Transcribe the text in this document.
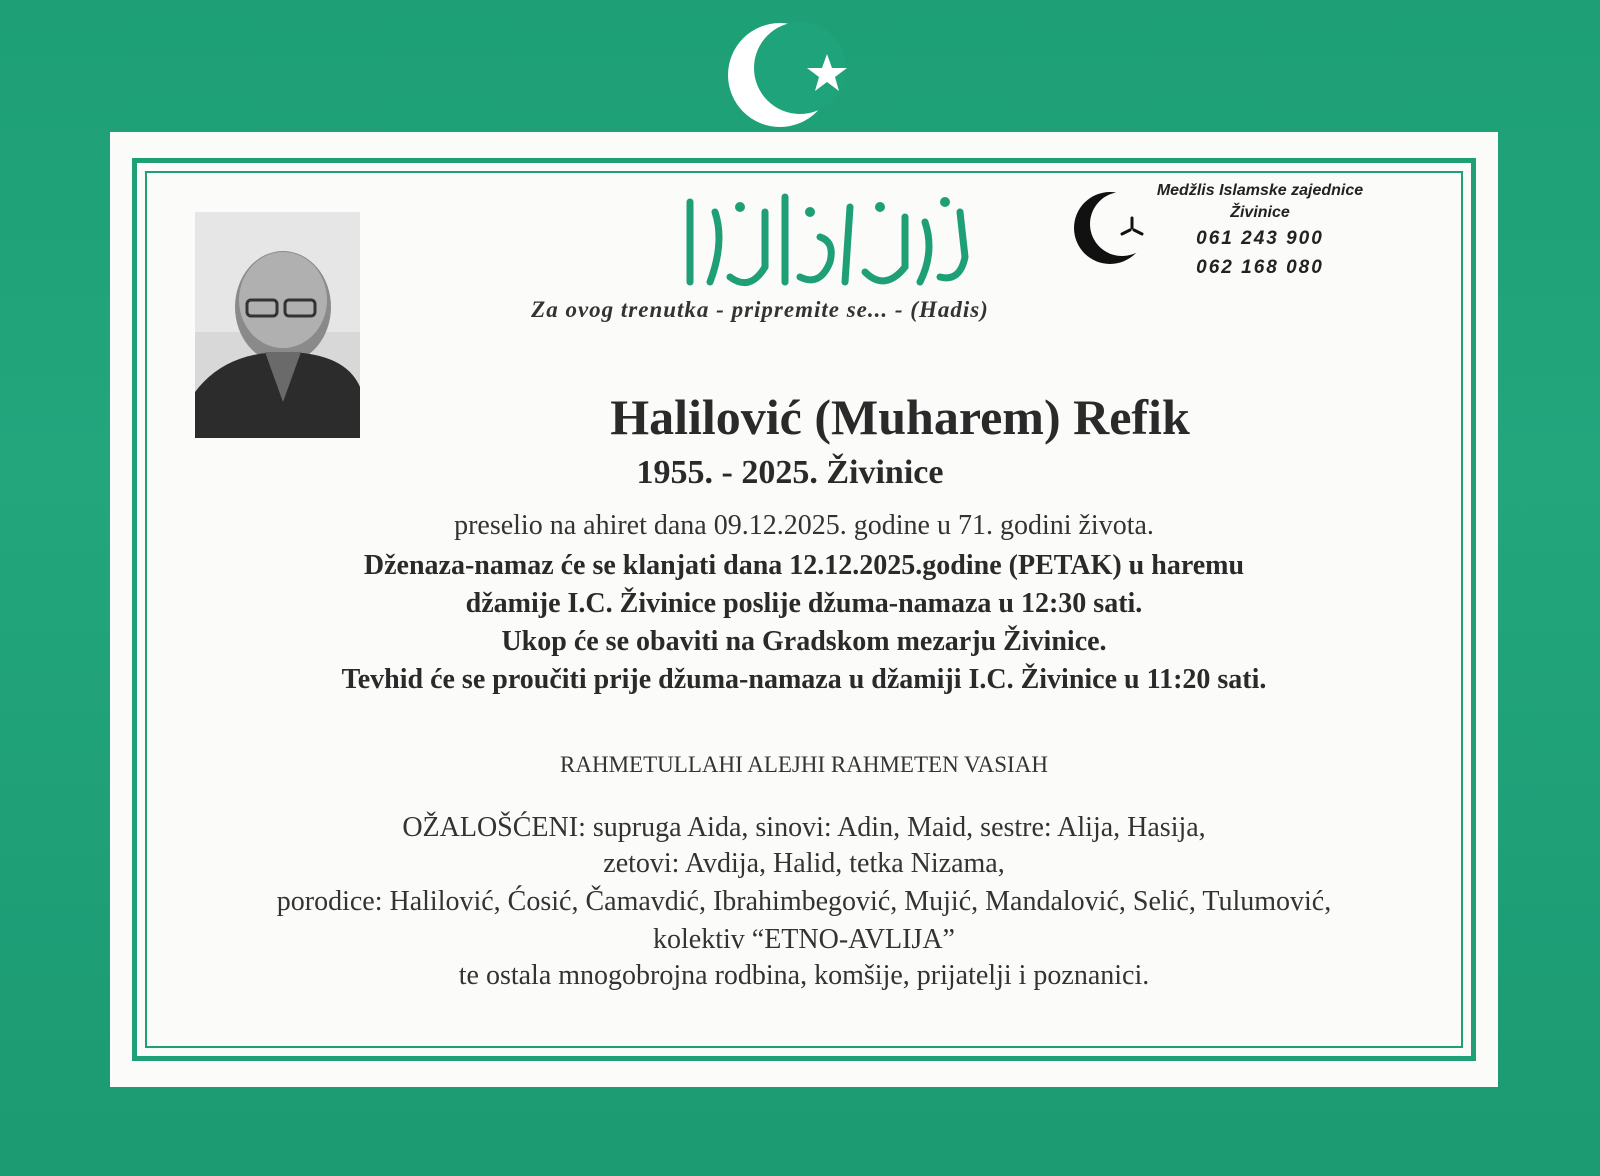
Za ovog trenutka - pripremite se... - (Hadis)
Medžlis Islamske zajednice
Živinice
061 243 900
062 168 080
Halilović (Muharem) Refik
1955. - 2025. Živinice
preselio na ahiret dana 09.12.2025. godine u 71. godini života.
Dženaza-namaz će se klanjati dana 12.12.2025.godine (PETAK) u haremu
džamije I.C. Živinice poslije džuma-namaza u 12:30 sati.
Ukop će se obaviti na Gradskom mezarju Živinice.
Tevhid će se proučiti prije džuma-namaza u džamiji I.C. Živinice u 11:20 sati.
RAHMETULLAHI ALEJHI RAHMETEN VASIAH
OŽALOŠĆENI: supruga Aida, sinovi: Adin, Maid, sestre: Alija, Hasija,
zetovi: Avdija, Halid, tetka Nizama,
porodice: Halilović, Ćosić, Čamavdić, Ibrahimbegović, Mujić, Mandalović, Selić, Tulumović,
kolektiv “ETNO-AVLIJA”
te ostala mnogobrojna rodbina, komšije, prijatelji i poznanici.
